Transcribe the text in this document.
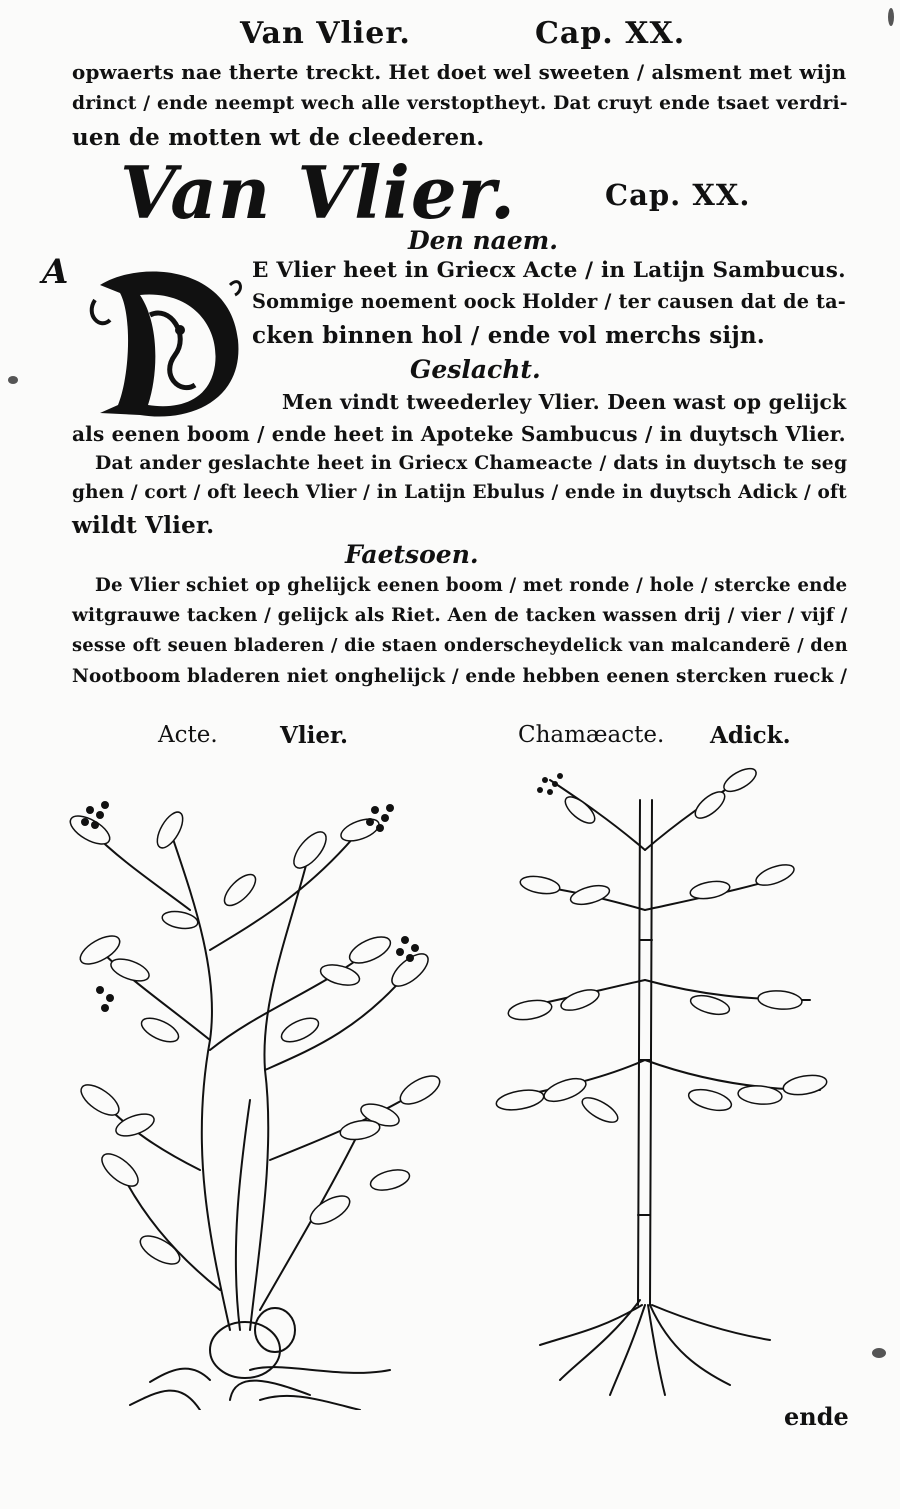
Van Vlier.	Cap. XX.
opwaerts nae therte treckt. Het doet wel sweeten / alsment met wijn
drinct / ende neempt wech alle verstoptheyt. Dat cruyt ende tsaet verdri-
uen de motten wt de cleederen.
Van Vlier.	Cap. XX.
Den naem.
A	E Vlier heet in Griecx Acte / in Latijn Sambucus.
Sommige noement oock Holder / ter causen dat de ta-
cken binnen hol / ende vol merchs sijn.
Geslacht.
Men vindt tweederley Vlier. Deen wast op gelijck
als eenen boom / ende heet in Apoteke Sambucus / in duytsch Vlier.
Dat ander geslachte heet in Griecx Chameacte / dats in duytsch te seg
ghen / cort / oft leech Vlier / in Latijn Ebulus / ende in duytsch Adick / oft
wildt Vlier.
Faetsoen.
De Vlier schiet op ghelijck eenen boom / met ronde / hole / stercke ende
witgrauwe tacken / gelijck als Riet. Aen de tacken wassen drij / vier / vijf /
sesse oft seuen bladeren / die staen onderscheydelick van malcanderē / den
Nootboom bladeren niet onghelijck / ende hebben eenen stercken rueck /
Acte.	Vlier.	Chamæacte. Adick.
ende
